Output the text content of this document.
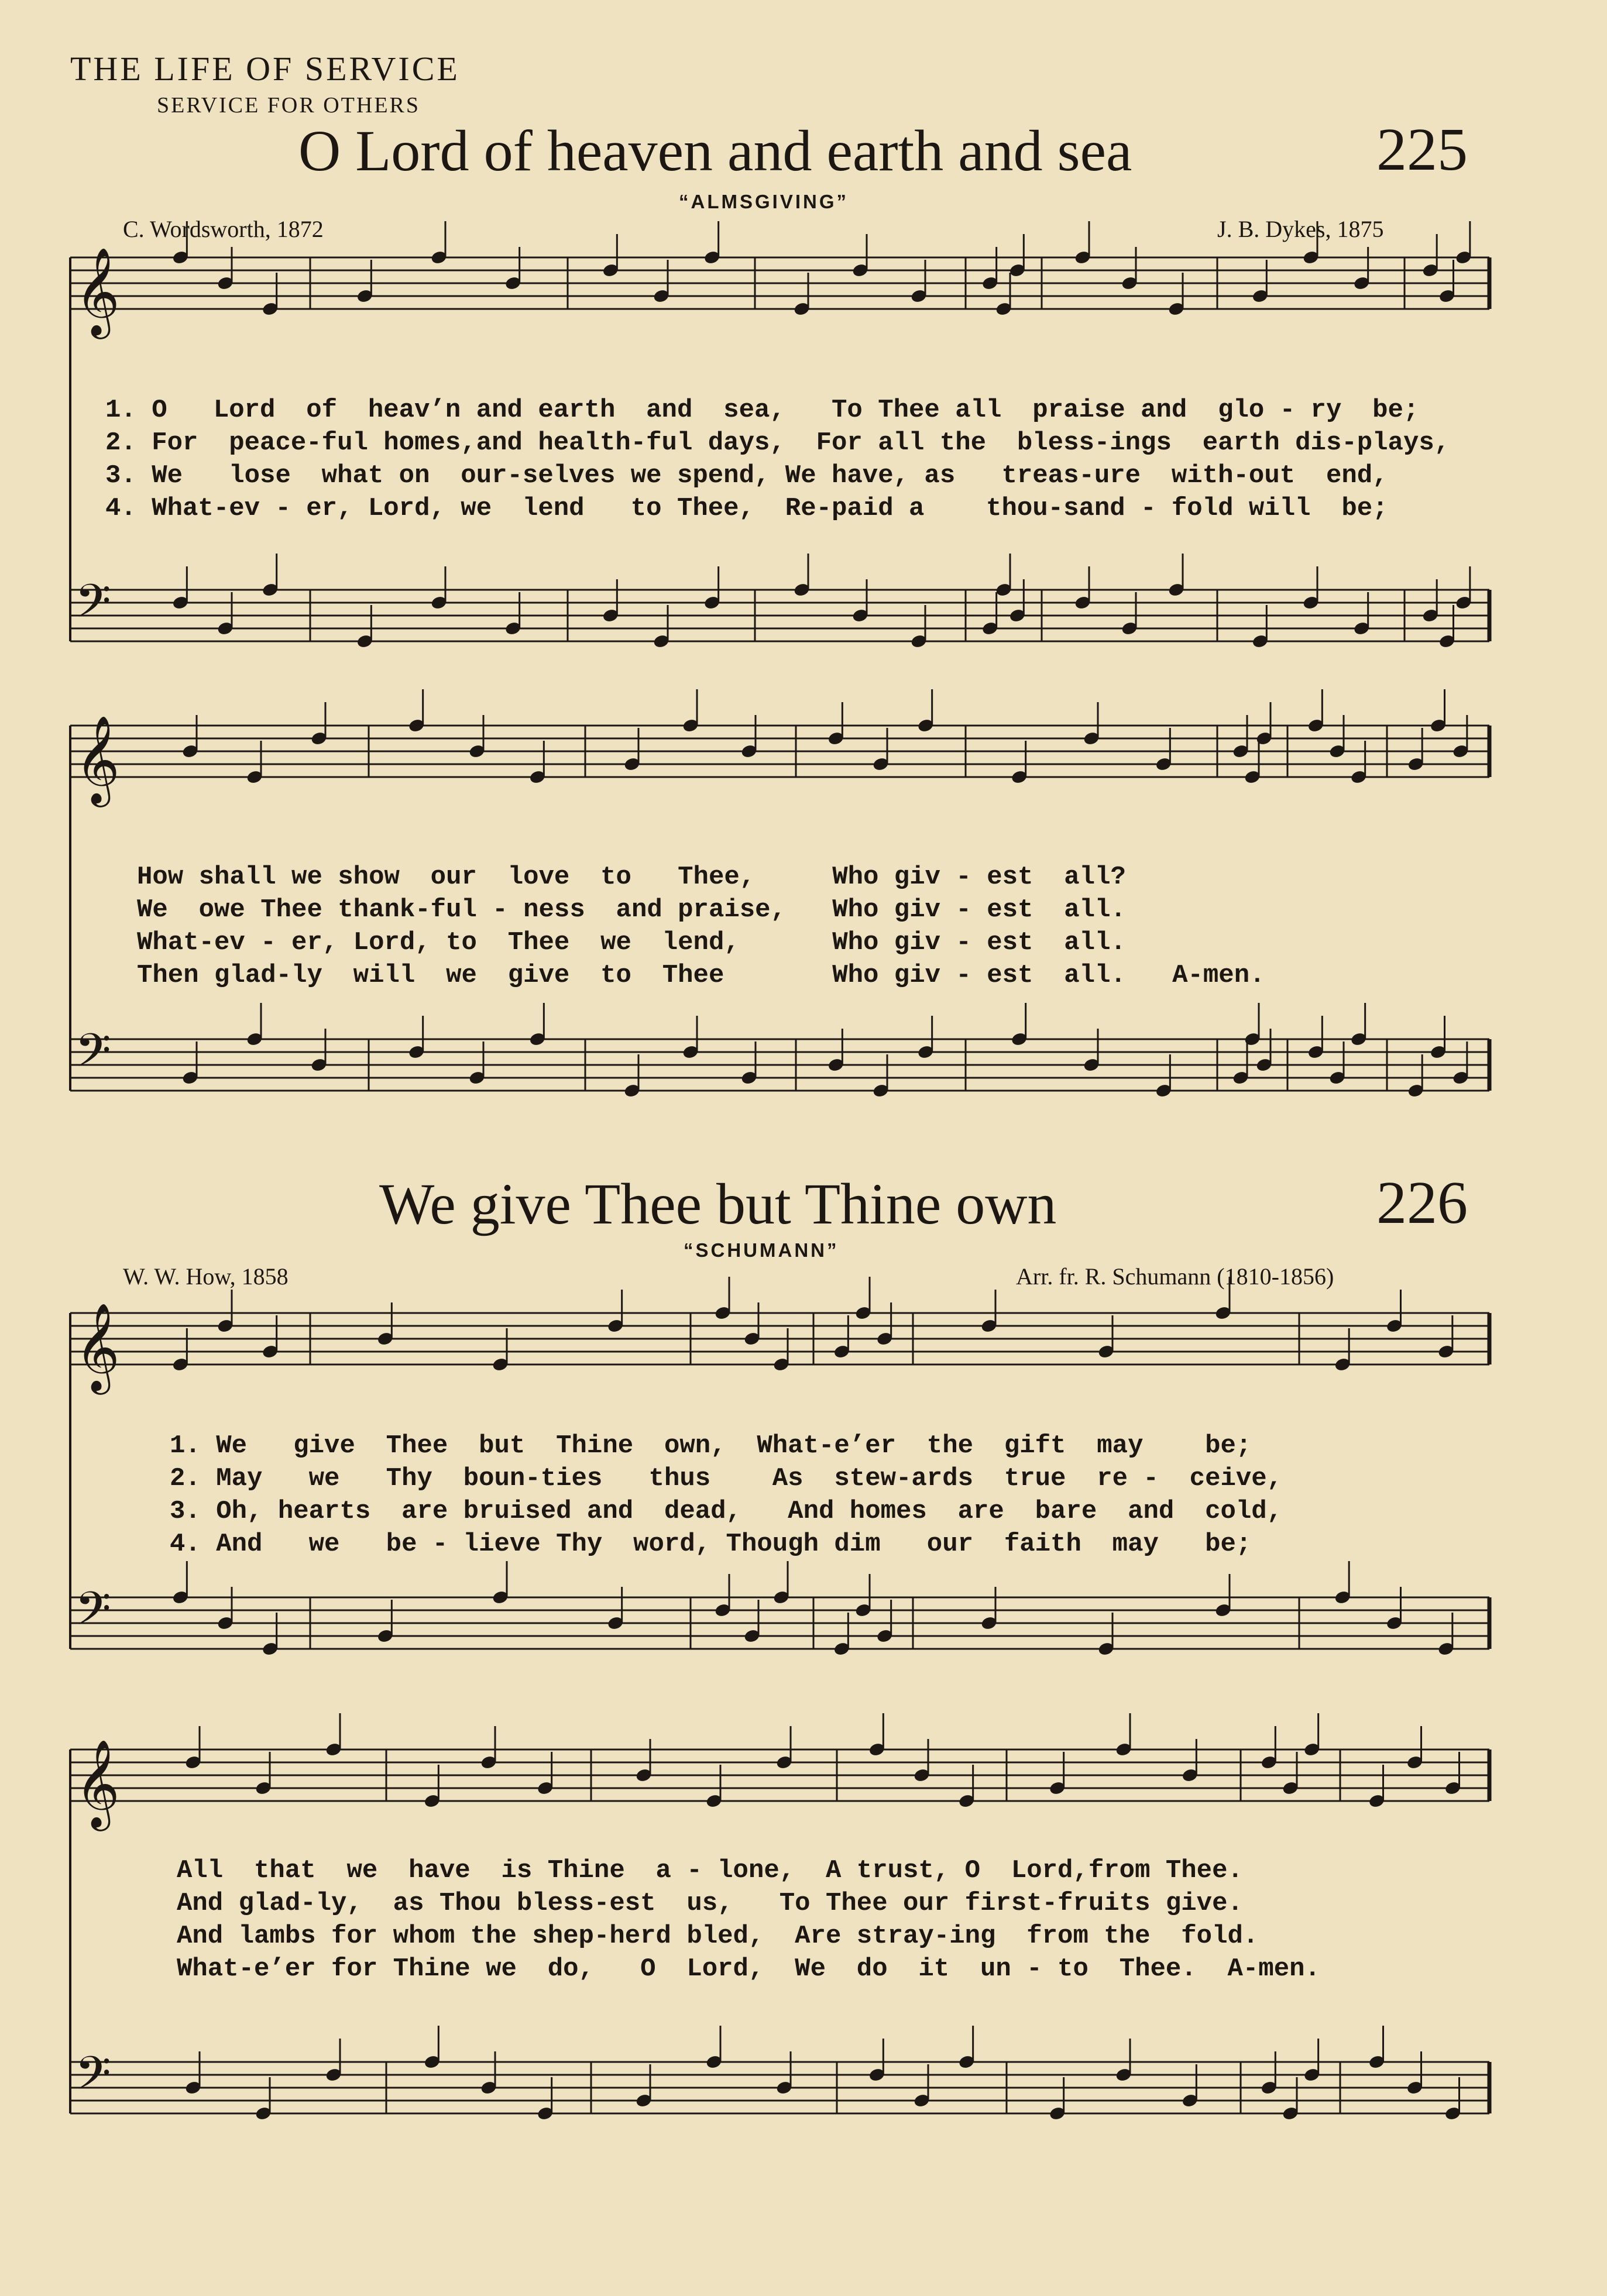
THE LIFE OF SERVICE
SERVICE FOR OTHERS
O Lord of heaven and earth and sea	225
“ALMSGIVING”
C. Wordsworth, 1872	J. B. Dykes, 1875
We give Thee but Thine own	226
“SCHUMANN”
W. W. How, 1858	Arr. fr. R. Schumann (1810-1856)
𝄞
𝄢
𝄞
𝄢
𝄞
𝄢
𝄞
𝄢
1. O   Lord  of  heav’n and earth  and  sea,   To Thee all  praise and  glo - ry  be;
2. For  peace-ful homes,and health-ful days,  For all the  bless-ings  earth dis-plays,
3. We   lose  what on  our-selves we spend, We have, as   treas-ure  with-out  end,
4. What-ev - er, Lord, we  lend   to Thee,  Re-paid a    thou-sand - fold will  be;
How shall we show  our  love  to   Thee,     Who giv - est  all?
We  owe Thee thank-ful - ness  and praise,   Who giv - est  all.
What-ev - er, Lord, to  Thee  we  lend,      Who giv - est  all.
Then glad-ly  will  we  give  to  Thee       Who giv - est  all.   A-men.
1. We   give  Thee  but  Thine  own,  What-e’er  the  gift  may    be;
2. May   we   Thy  boun-ties   thus    As  stew-ards  true  re -  ceive,
3. Oh, hearts  are bruised and  dead,   And homes  are  bare  and  cold,
4. And   we   be - lieve Thy  word, Though dim   our  faith  may   be;
All  that  we  have  is Thine  a - lone,  A trust, O  Lord,from Thee.
And glad-ly,  as Thou bless-est  us,   To Thee our first-fruits give.
And lambs for whom the shep-herd bled,  Are stray-ing  from the  fold.
What-e’er for Thine we  do,   O  Lord,  We  do  it  un - to  Thee.  A-men.
